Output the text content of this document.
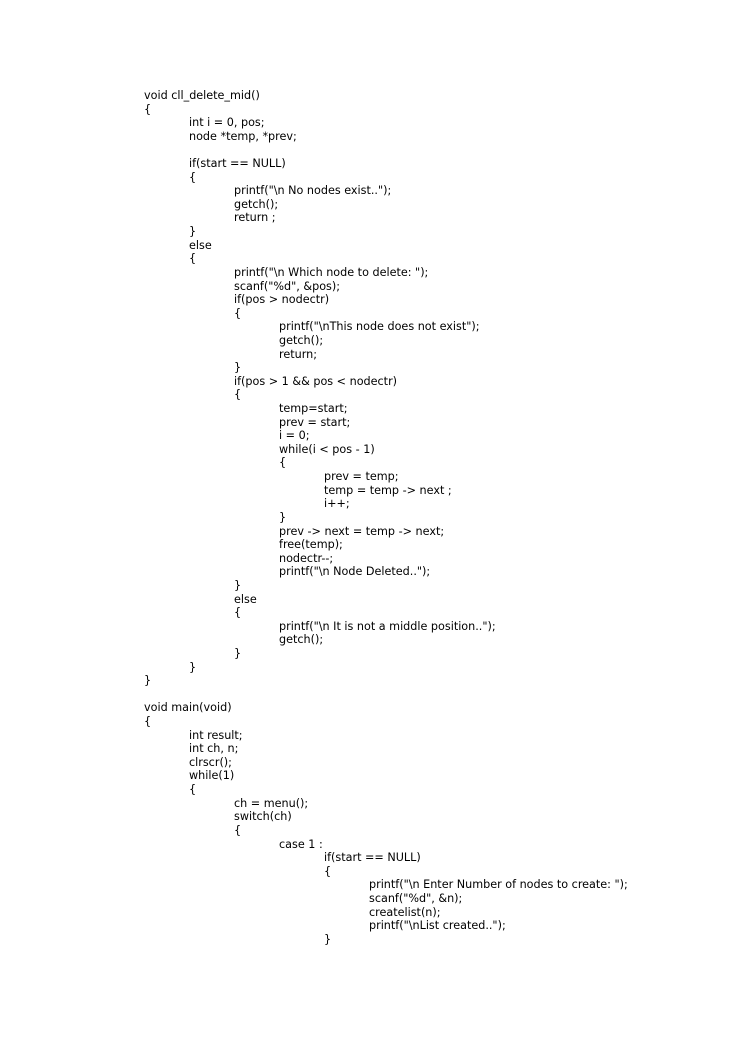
void cll_delete_mid()
{
int i = 0, pos;
node *temp, *prev;
if(start == NULL)
{
printf("\n No nodes exist..");
getch();
return ;
}
else
{
printf("\n Which node to delete: ");
scanf("%d", &pos);
if(pos > nodectr)
{
printf("\nThis node does not exist");
getch();
return;
}
if(pos > 1 && pos < nodectr)
{
temp=start;
prev = start;
i = 0;
while(i < pos - 1)
{
prev = temp;
temp = temp -> next ;
i++;
}
prev -> next = temp -> next;
free(temp);
nodectr--;
printf("\n Node Deleted..");
}
else
{
printf("\n It is not a middle position..");
getch();
}
}
}
void main(void)
{
int result;
int ch, n;
clrscr();
while(1)
{
ch = menu();
switch(ch)
{
case 1 :
if(start == NULL)
{
printf("\n Enter Number of nodes to create: ");
scanf("%d", &n);
createlist(n);
printf("\nList created..");
}
